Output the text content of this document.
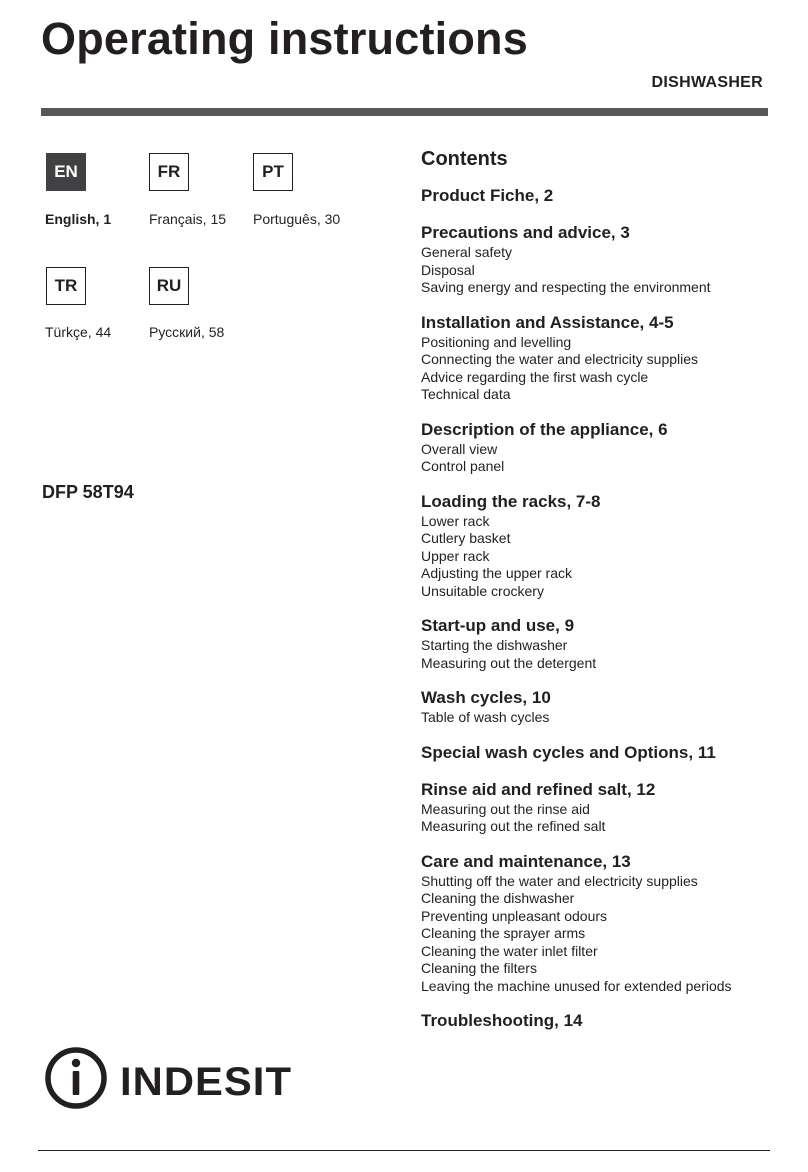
Operating instructions
DISHWASHER
EN
English, 1
FR
Français, 15
PT
Português, 30
TR
Türkçe, 44
RU
Русский, 58
DFP 58T94
Contents
Product Fiche, 2
Precautions and advice, 3
General safety
Disposal
Saving energy and respecting the environment
Installation and Assistance, 4-5
Positioning and levelling
Connecting the water and electricity supplies
Advice regarding the first wash cycle
Technical data
Description of the appliance, 6
Overall view
Control panel
Loading the racks, 7-8
Lower rack
Cutlery basket
Upper rack
Adjusting the upper rack
Unsuitable crockery
Start-up and use, 9
Starting the dishwasher
Measuring out the detergent
Wash cycles, 10
Table of wash cycles
Special wash cycles and Options, 11
Rinse aid and refined salt, 12
Measuring out the rinse aid
Measuring out the refined salt
Care and maintenance, 13
Shutting off the water and electricity supplies
Cleaning the dishwasher
Preventing unpleasant odours
Cleaning the sprayer arms
Cleaning the water inlet filter
Cleaning the filters
Leaving the machine unused for extended periods
Troubleshooting, 14
INDESIT
